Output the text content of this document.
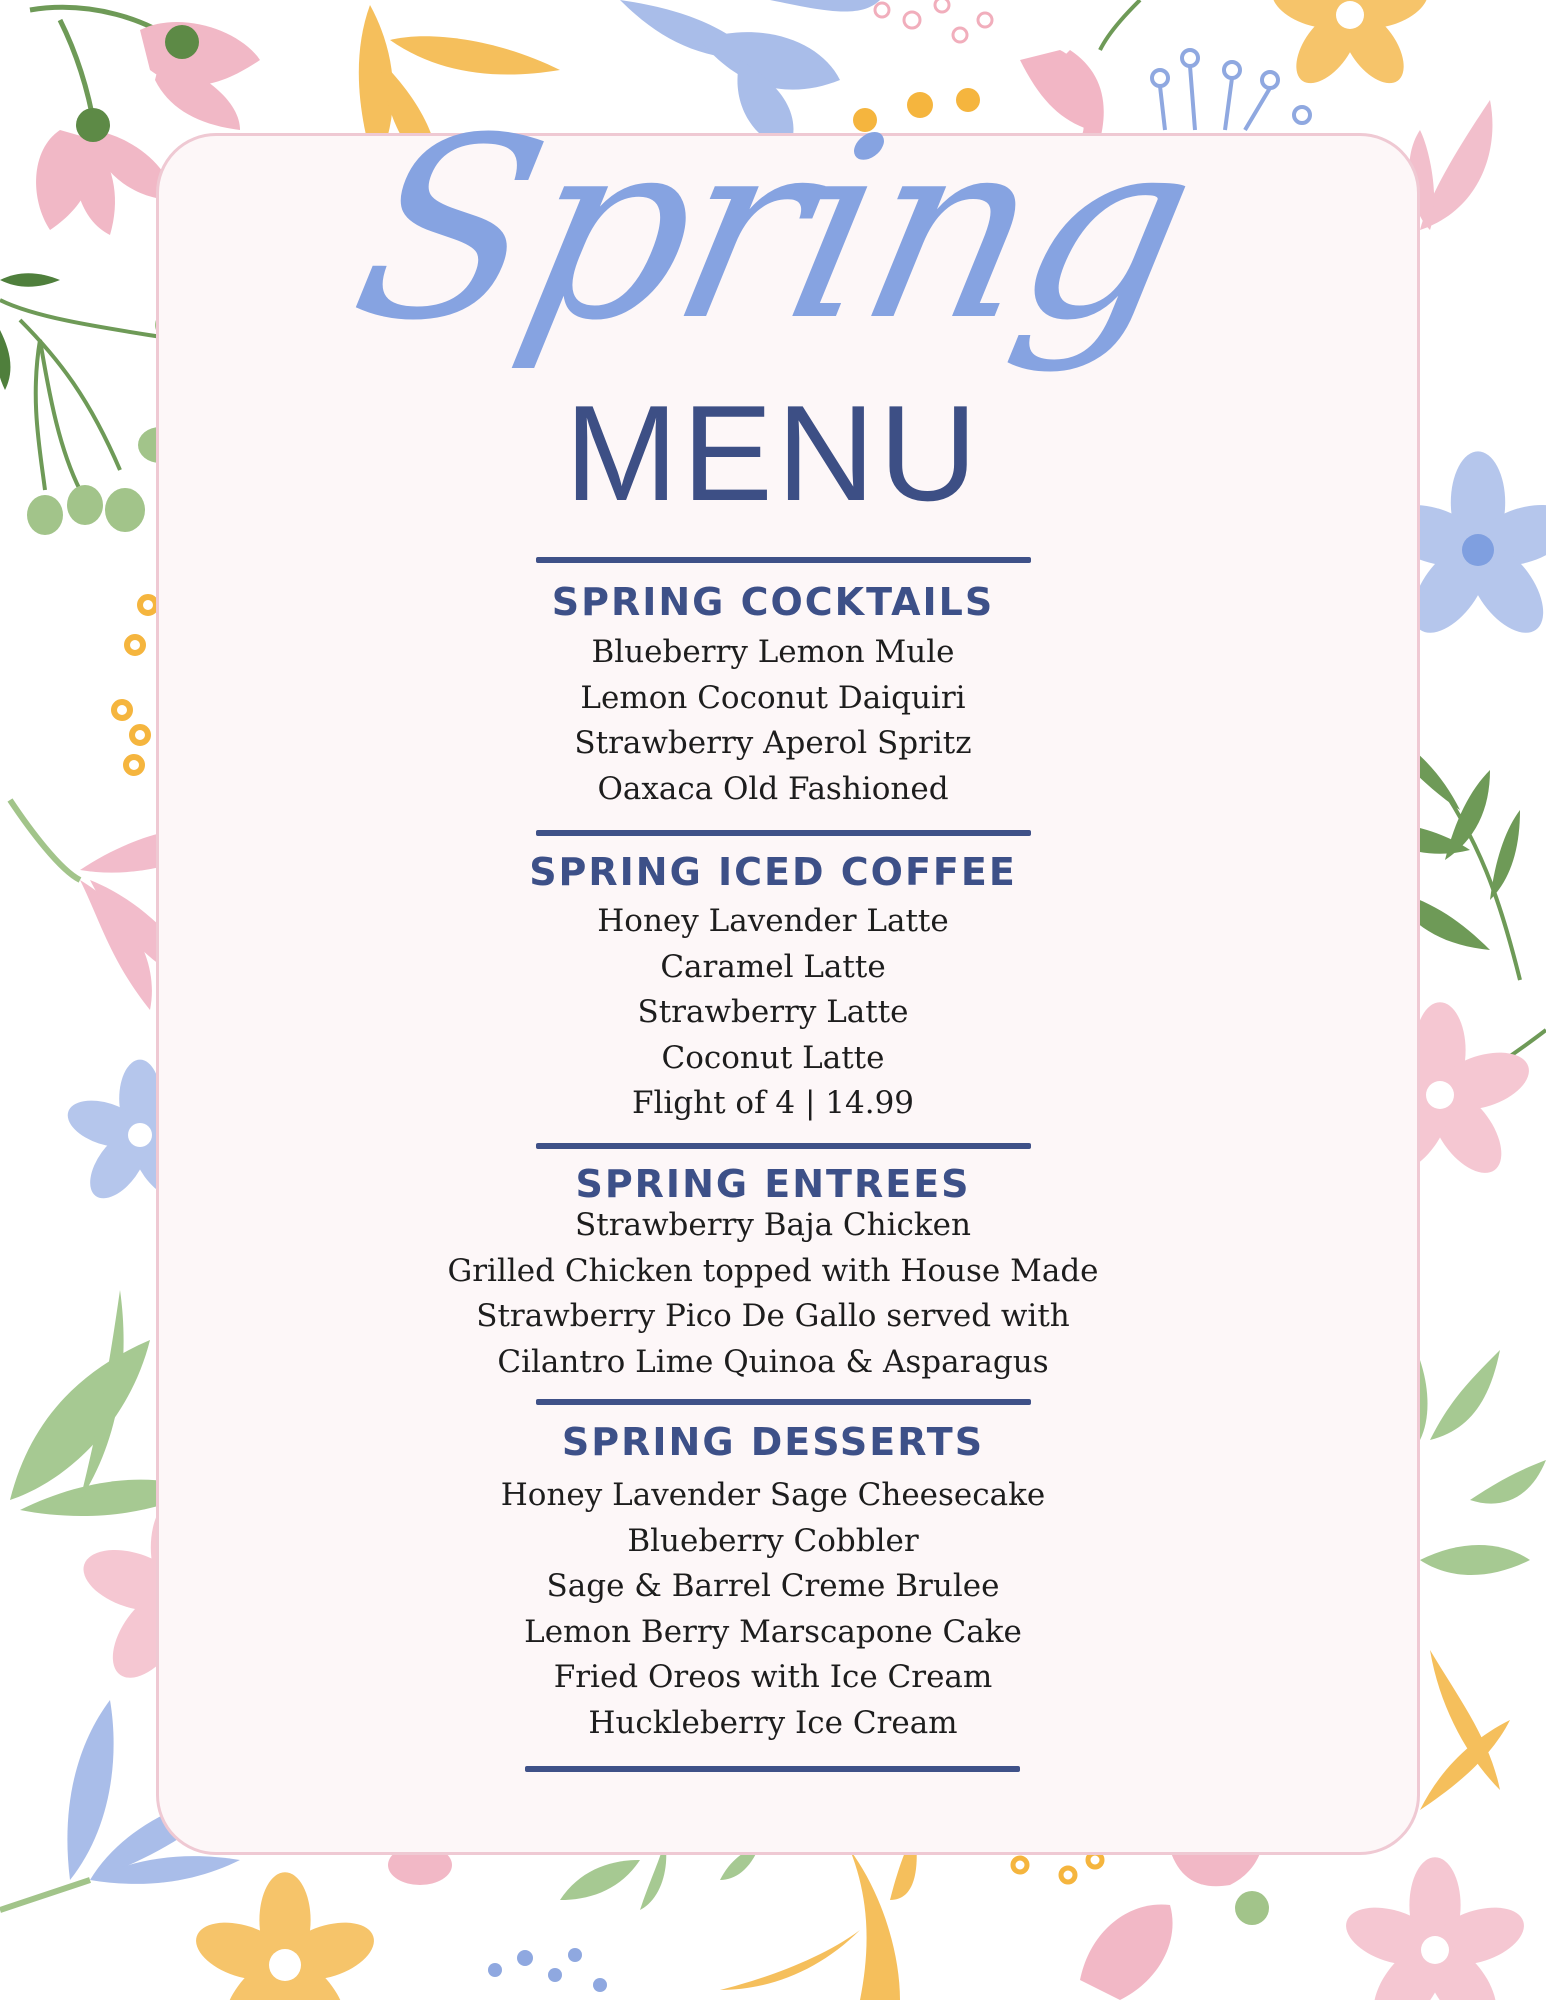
Spring
MENU
SPRING COCKTAILS
Blueberry Lemon Mule
Lemon Coconut Daiquiri
Strawberry Aperol Spritz
Oaxaca Old Fashioned
SPRING ICED COFFEE
Honey Lavender Latte
Caramel Latte
Strawberry Latte
Coconut Latte
Flight of 4 | 14.99
SPRING ENTREES
Strawberry Baja Chicken
Grilled Chicken topped with House Made
Strawberry Pico De Gallo served with
Cilantro Lime Quinoa & Asparagus
SPRING DESSERTS
Honey Lavender Sage Cheesecake
Blueberry Cobbler
Sage & Barrel Creme Brulee
Lemon Berry Marscapone Cake
Fried Oreos with Ice Cream
Huckleberry Ice Cream
